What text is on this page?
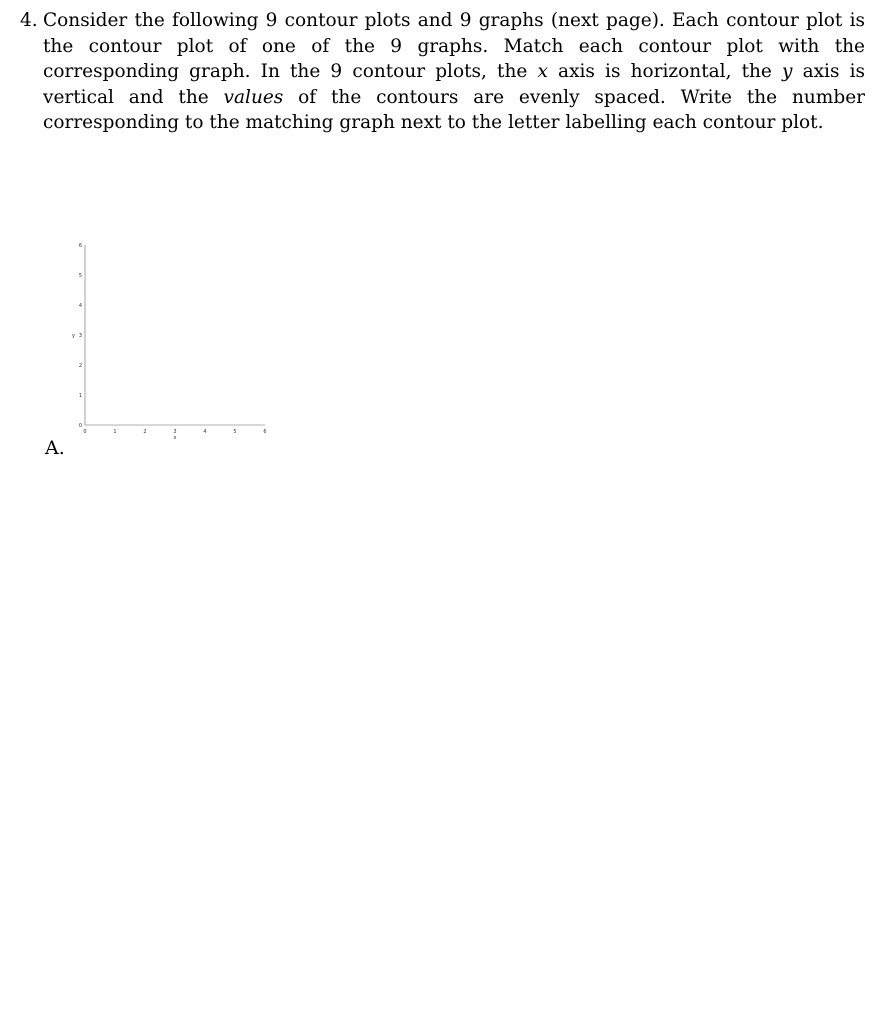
4. Consider the following 9 contour plots and 9 graphs (next page). Each contour plot is the contour plot of one of the 9 graphs. Match each contour plot with the corresponding graph. In the 9 contour plots, the x axis is horizontal, the y axis is vertical and the values of the contours are evenly spaced. Write the number corresponding to the matching graph next to the letter labelling each contour plot.
A.
0
0
1
1
2
2
3
3
4
4
5
5
6
6
x
y
